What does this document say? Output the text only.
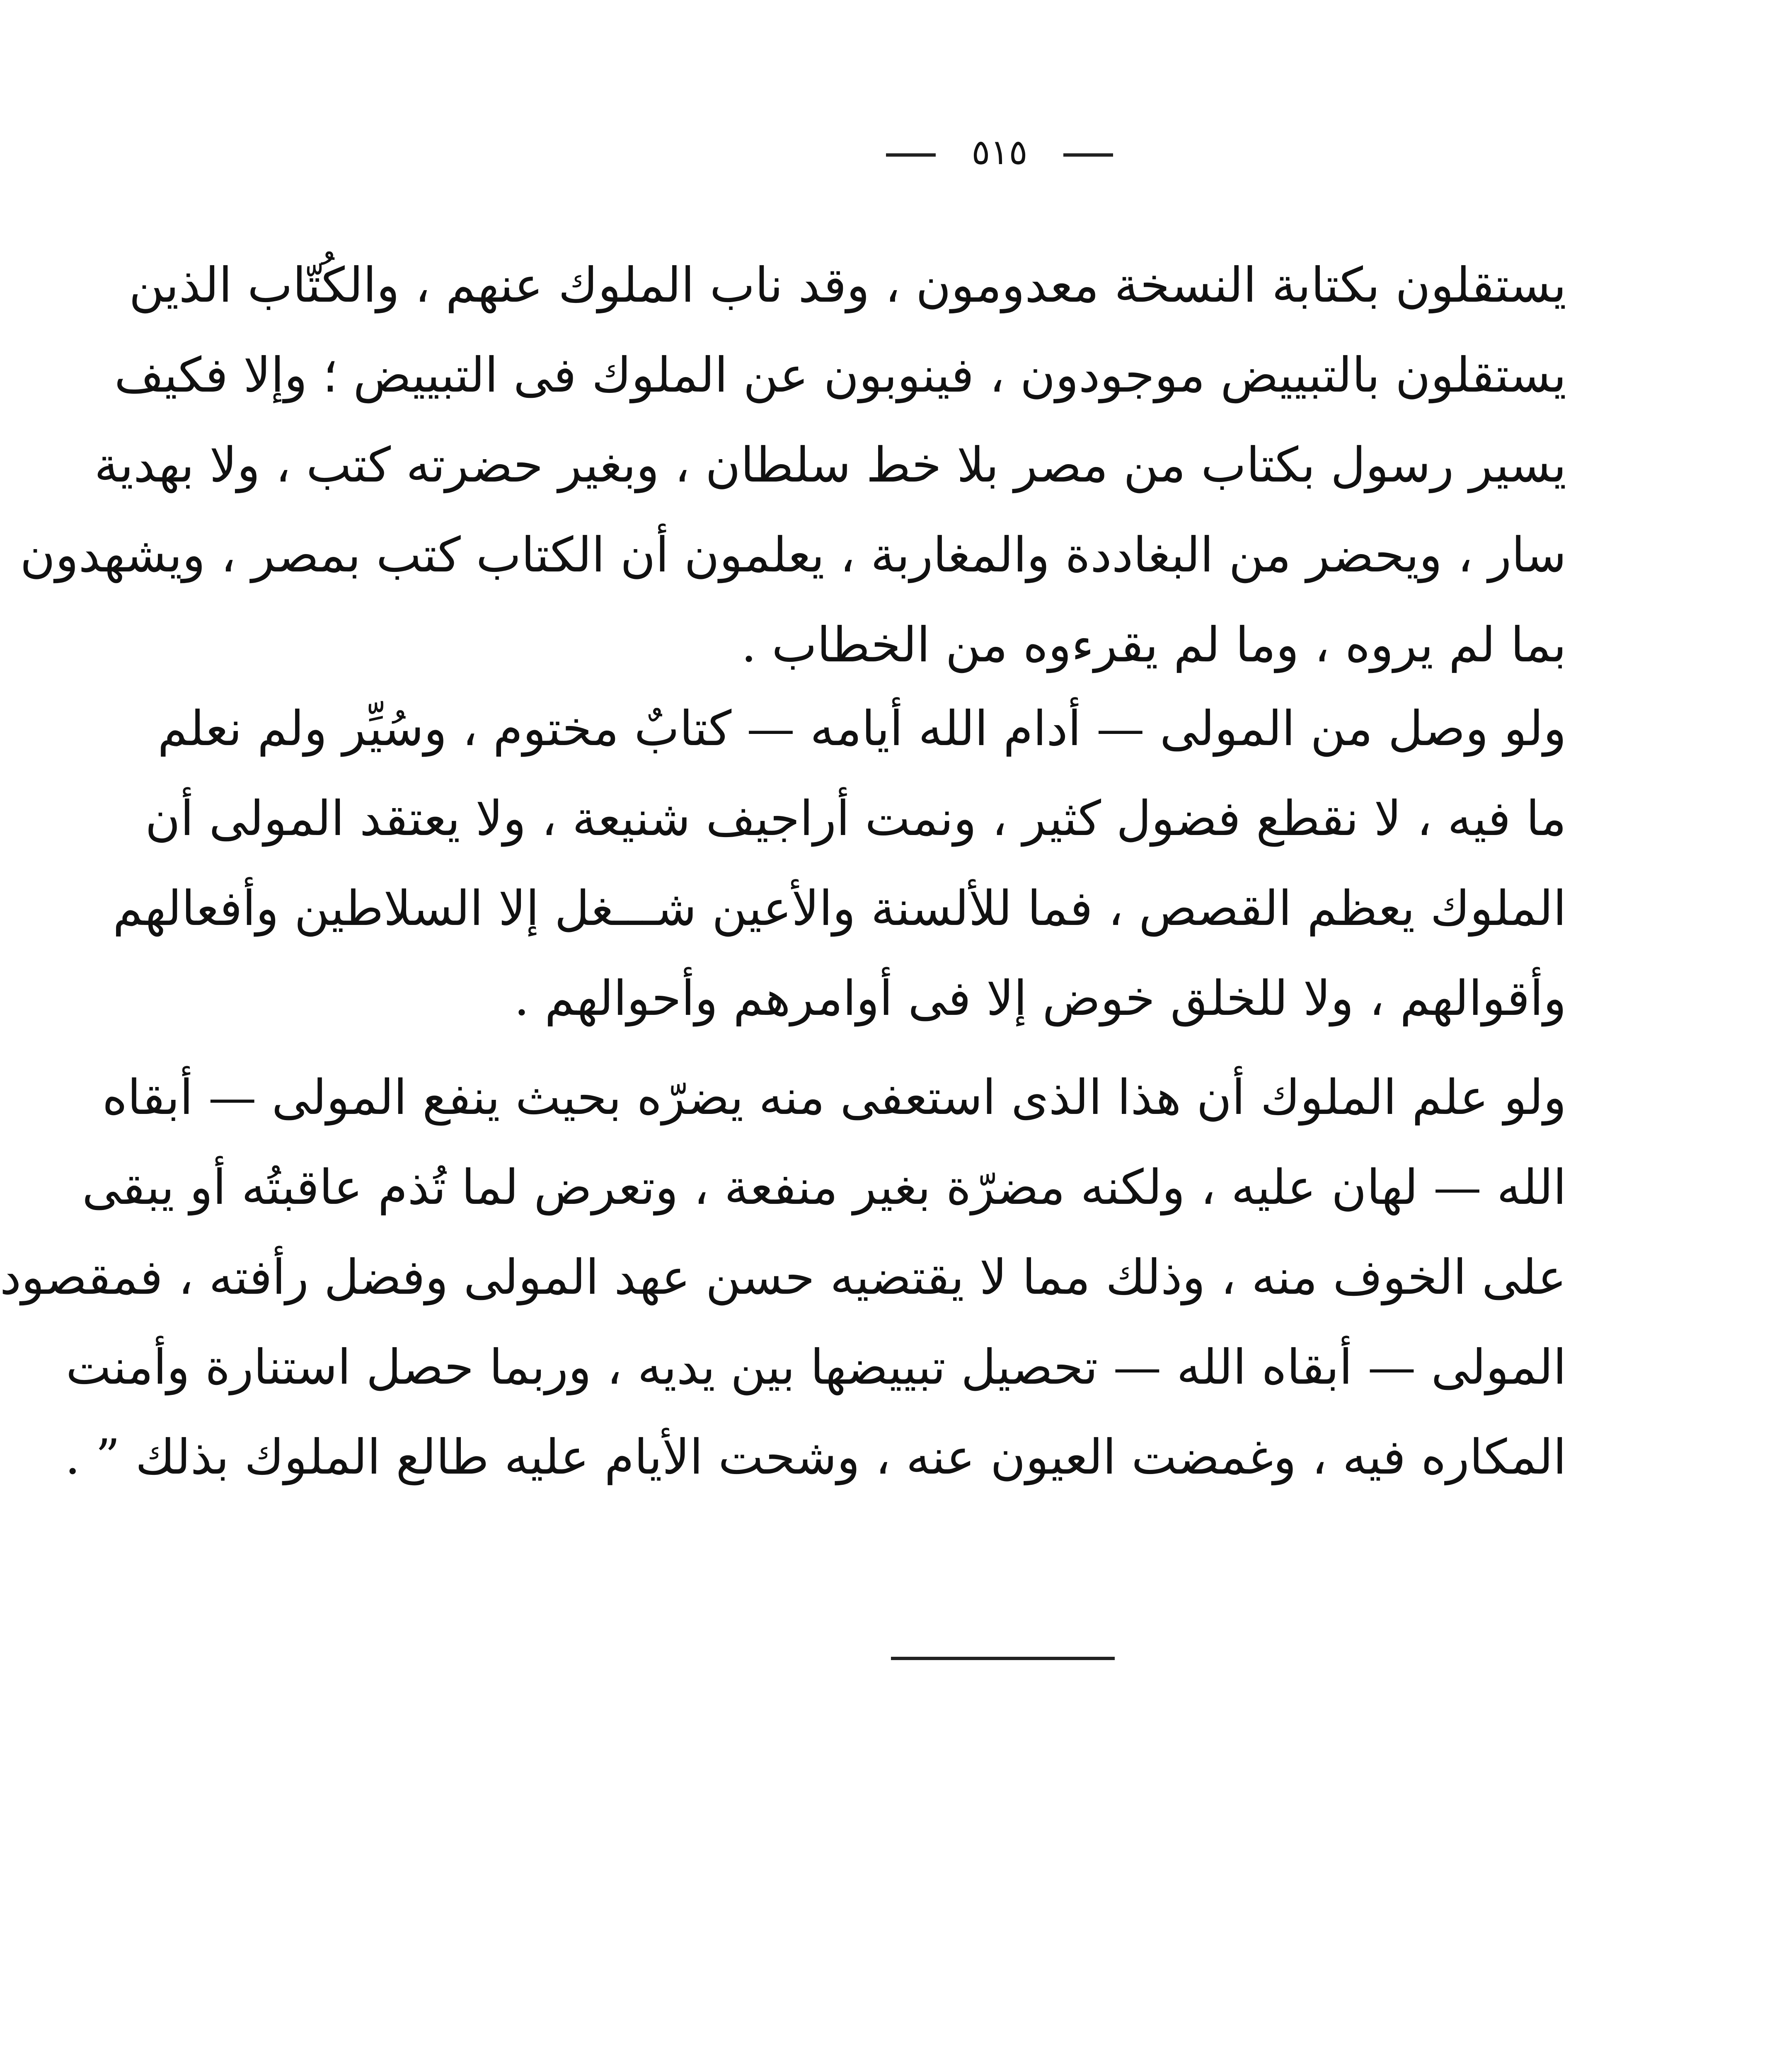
٥١٥
يستقلون بكتابة النسخة معدومون ، وقد ناب الملوك عنهم ، والكُتّاب الذين
يستقلون بالتبييض موجودون ، فينوبون عن الملوك فى التبييض ؛ وإلا فكيف
يسير رسول بكتاب من مصر بلا خط سلطان ، وبغير حضرته كتب ، ولا بهدية
سار ، ويحضر من البغاددة والمغاربة ، يعلمون أن الكتاب كتب بمصر ، ويشهدون
بما لم يروه ، وما لم يقرءوه من الخطاب .
ولو وصل من المولى — أدام الله أيامه — كتابٌ مختوم ، وسُيِّر ولم نعلم
ما فيه ، لا نقطع فضول كثير ، ونمت أراجيف شنيعة ، ولا يعتقد المولى أن
الملوك يعظم القصص ، فما للألسنة والأعين شـــغل إلا السلاطين وأفعالهم
وأقوالهم ، ولا للخلق خوض إلا فى أوامرهم وأحوالهم .
ولو علم الملوك أن هذا الذى استعفى منه يضرّه بحيث ينفع المولى — أبقاه
الله — لهان عليه ، ولكنه مضرّة بغير منفعة ، وتعرض لما تُذم عاقبتُه أو يبقى
على الخوف منه ، وذلك مما لا يقتضيه حسن عهد المولى وفضل رأفته ، فمقصود
المولى — أبقاه الله — تحصيل تبييضها بين يديه ، وربما حصل استنارة وأمنت
المكاره فيه ، وغمضت العيون عنه ، وشحت الأيام عليه طالع الملوك بذلك ” .
